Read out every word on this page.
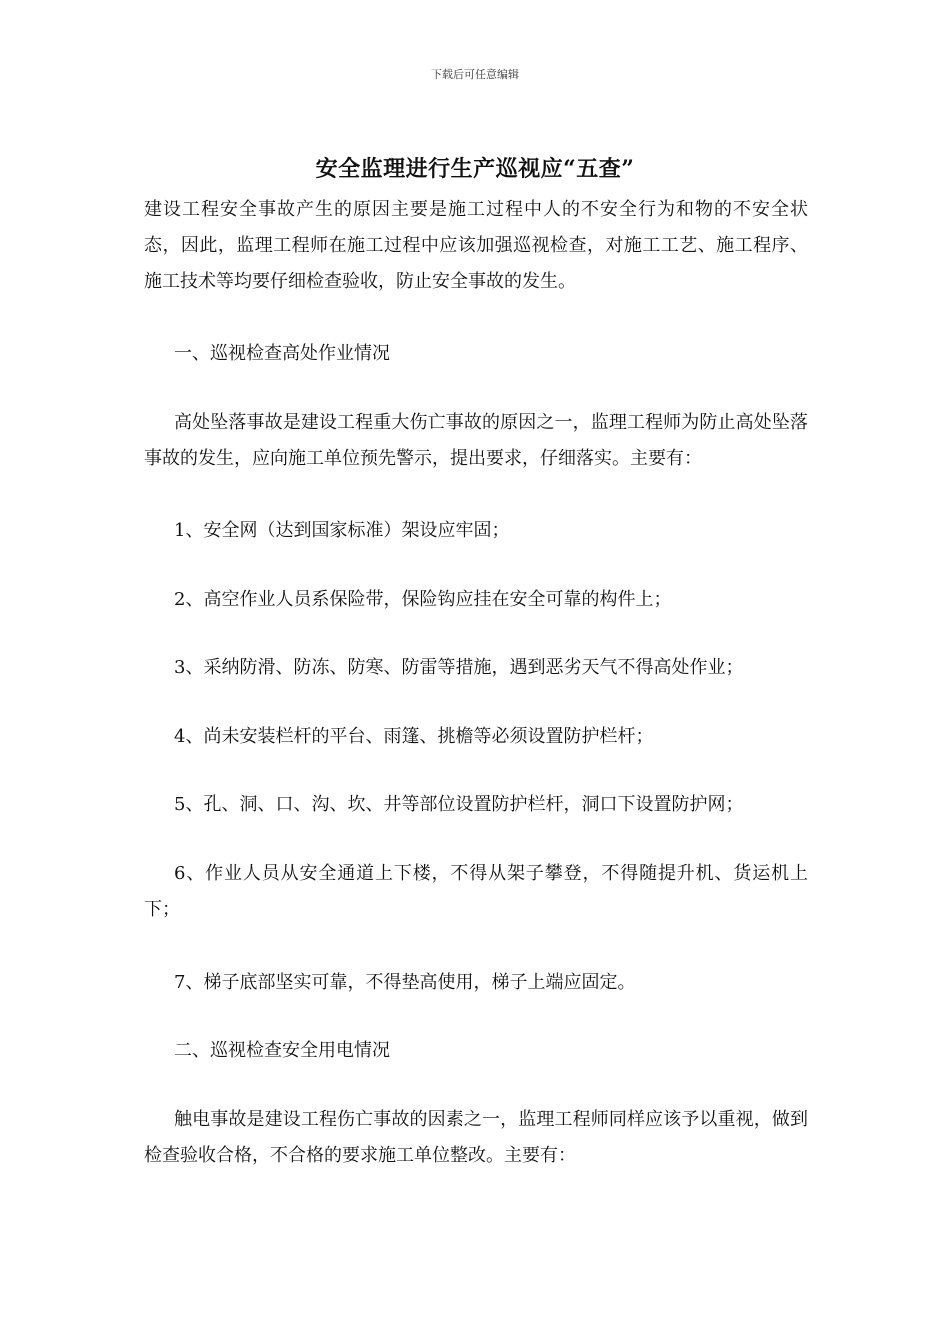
下载后可任意编辑
安全监理进行生产巡视应“五查”

建设工程安全事故产生的原因主要是施工过程中人的不安全行为和物的不安全状态，因此，监理工程师在施工过程中应该加强巡视检查，对施工工艺、施工程序、施工技术等均要仔细检查验收，防止安全事故的发生。

一、巡视检查高处作业情况

高处坠落事故是建设工程重大伤亡事故的原因之一，监理工程师为防止高处坠落事故的发生，应向施工单位预先警示，提出要求，仔细落实。主要有：

1、安全网（达到国家标准）架设应牢固；

2、高空作业人员系保险带，保险钩应挂在安全可靠的构件上；

3、采纳防滑、防冻、防寒、防雷等措施，遇到恶劣天气不得高处作业；

4、尚未安装栏杆的平台、雨篷、挑檐等必须设置防护栏杆；

5、孔、洞、口、沟、坎、井等部位设置防护栏杆，洞口下设置防护网；

6、作业人员从安全通道上下楼，不得从架子攀登，不得随提升机、货运机上下；

7、梯子底部坚实可靠，不得垫高使用，梯子上端应固定。

二、巡视检查安全用电情况

触电事故是建设工程伤亡事故的因素之一，监理工程师同样应该予以重视，做到检查验收合格，不合格的要求施工单位整改。主要有：
